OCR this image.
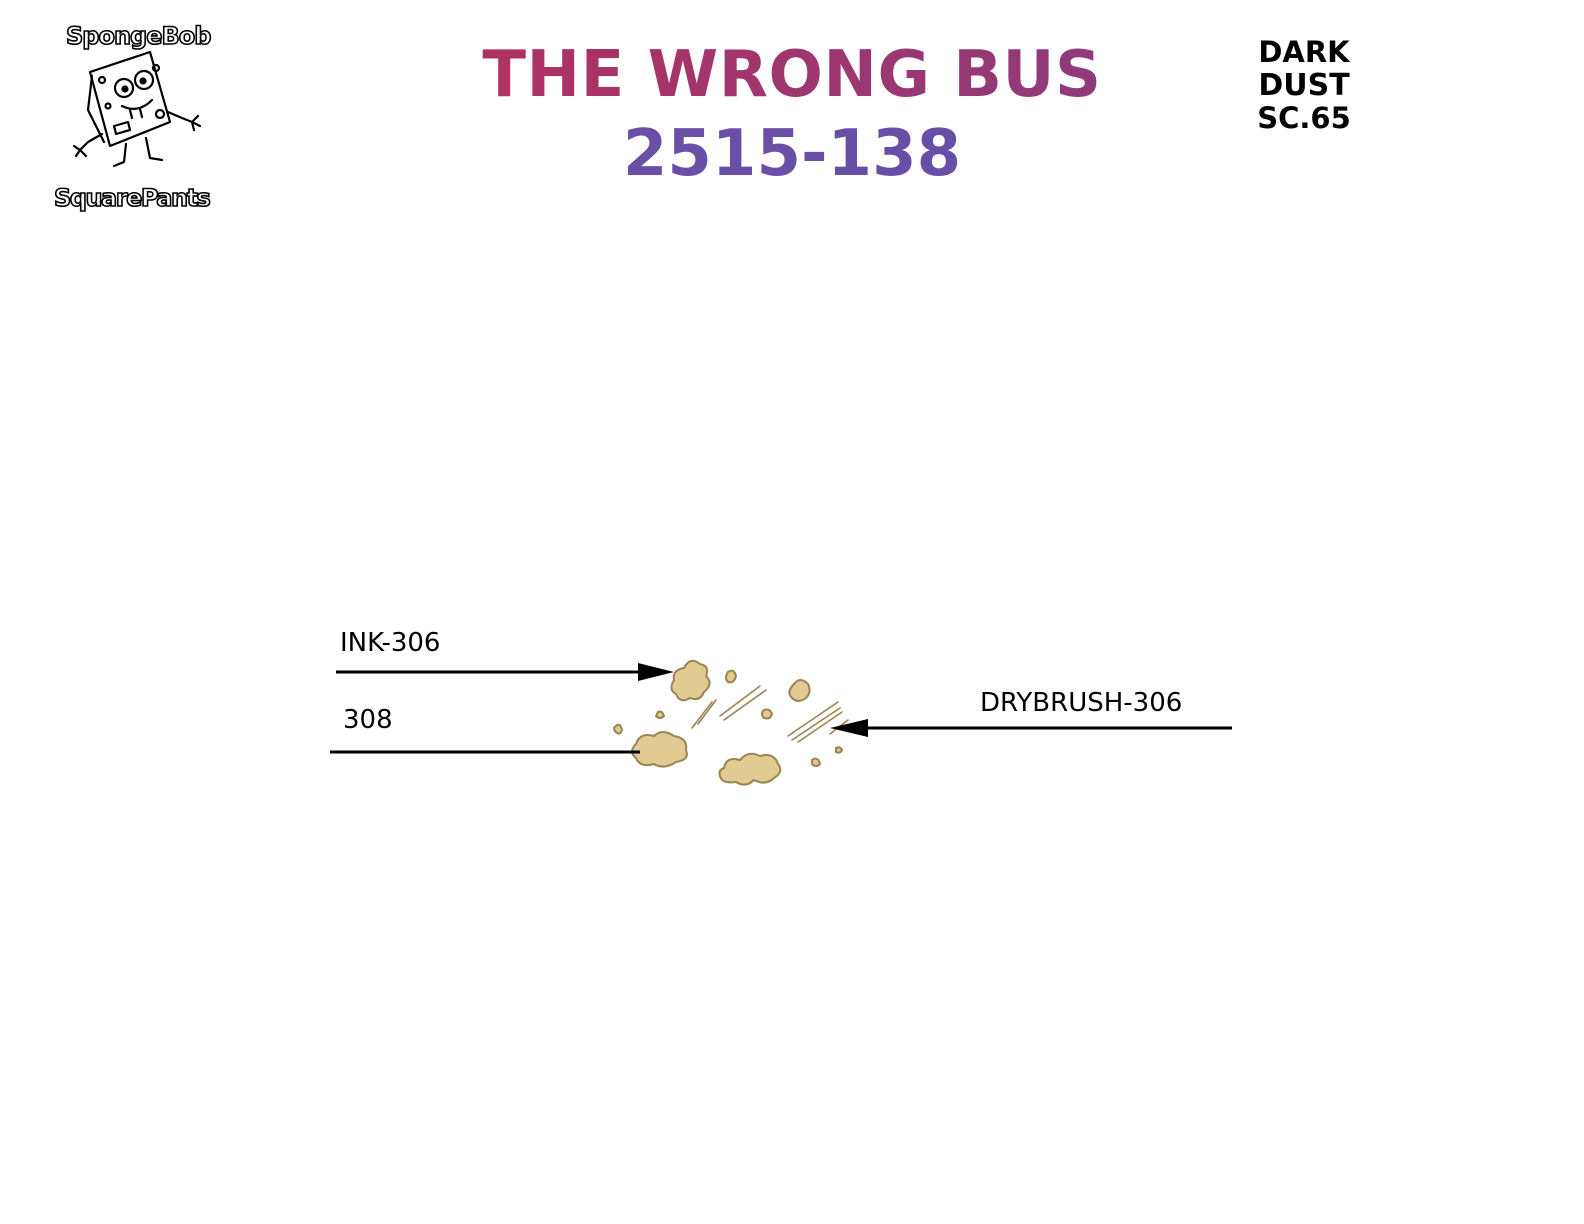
SpongeBob
SquarePants
THE WRONG BUS
2515-138
DARK
DUST
SC.65
INK-306
308
DRYBRUSH-306
